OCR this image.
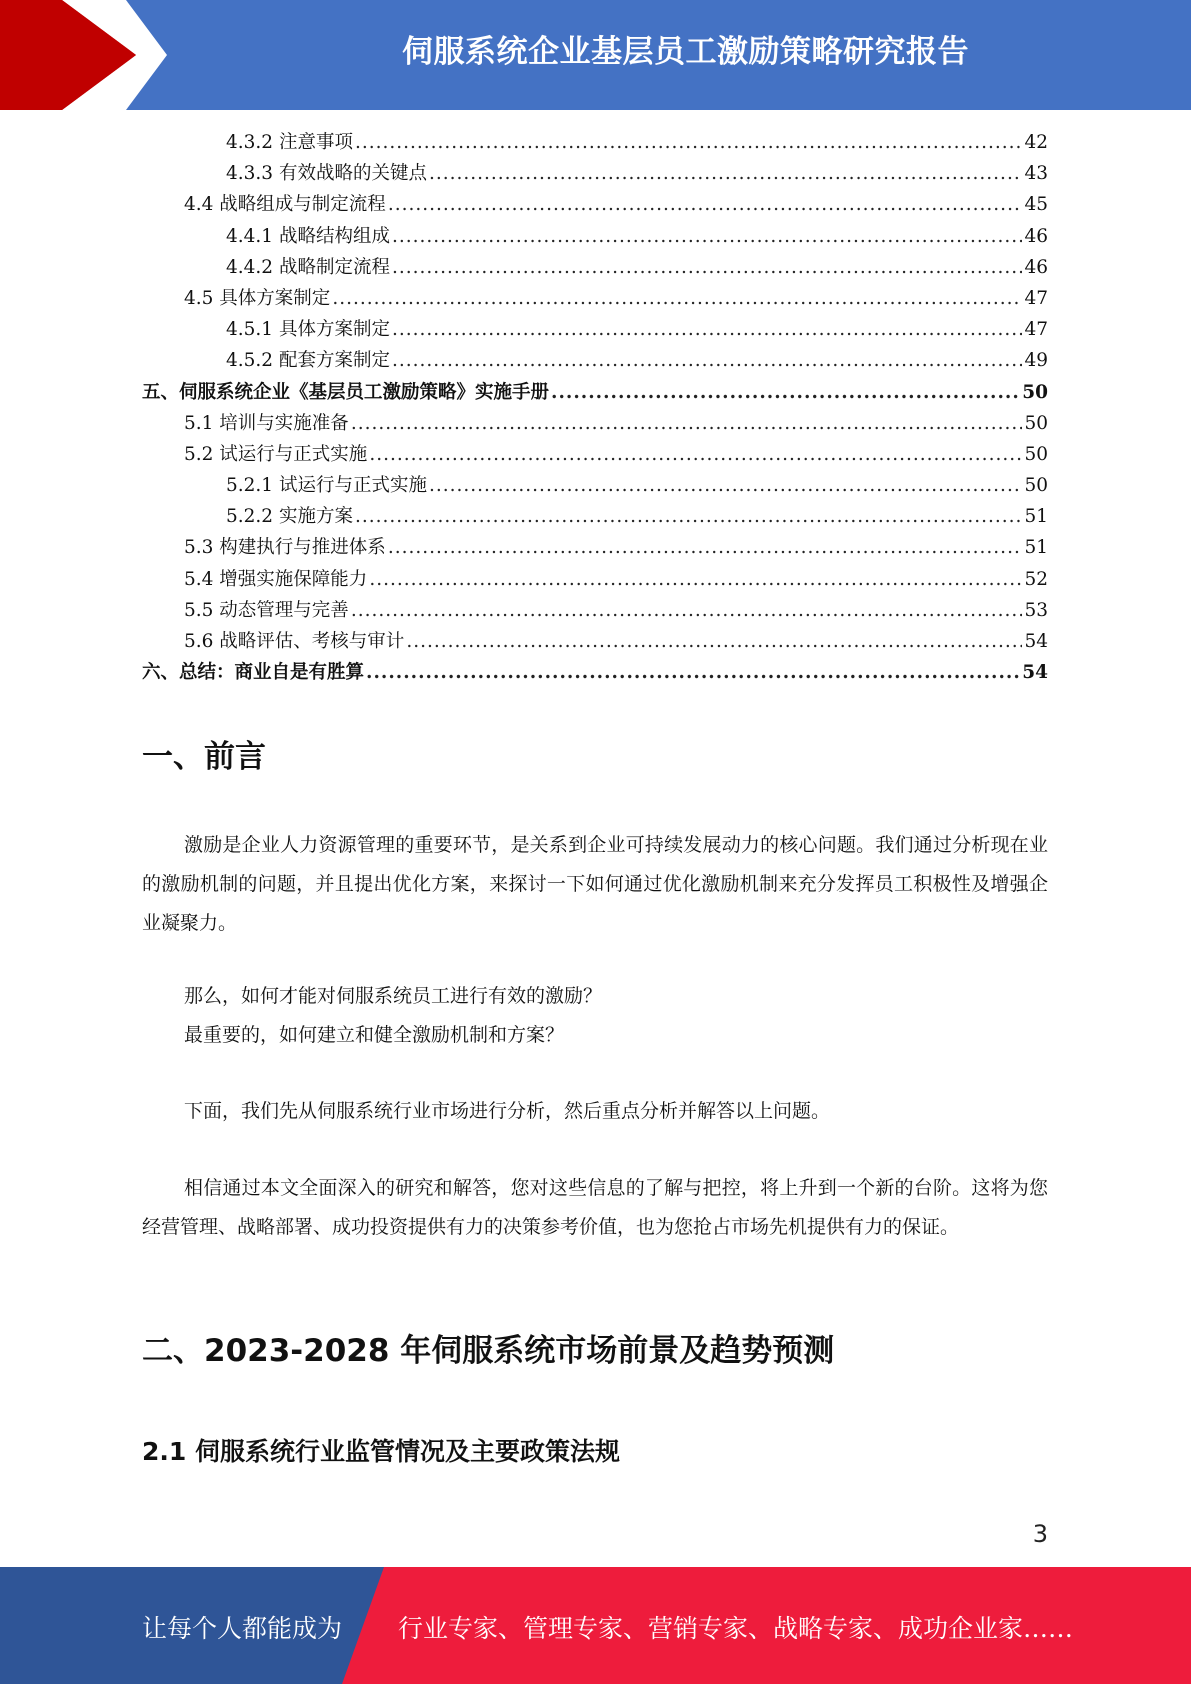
伺服系统企业基层员工激励策略研究报告
4.3.2 注意事项 .....	42
4.3.3 有效战略的关键点 .....	43
4.4 战略组成与制定流程 .....	45
4.4.1 战略结构组成 .....	46
4.4.2 战略制定流程 .....	46
4.5 具体方案制定 .....	47
4.5.1 具体方案制定 .....	47
4.5.2 配套方案制定 .....	49
五、伺服系统企业《基层员工激励策略》实施手册 .....	50
5.1 培训与实施准备 .....	50
5.2 试运行与正式实施 .....	50
5.2.1 试运行与正式实施 .....	50
5.2.2 实施方案 .....	51
5.3 构建执行与推进体系 .....	51
5.4 增强实施保障能力 .....	52
5.5 动态管理与完善 .....	53
5.6 战略评估、考核与审计 .....	54
六、总结：商业自是有胜算 .....	54
一、前言
激励是企业人力资源管理的重要环节，是关系到企业可持续发展动力的核心问题。我们通过分析现在业的激励机制的问题，并且提出优化方案，来探讨一下如何通过优化激励机制来充分发挥员工积极性及增强企业凝聚力。
那么，如何才能对伺服系统员工进行有效的激励？
最重要的，如何建立和健全激励机制和方案？
下面，我们先从伺服系统行业市场进行分析，然后重点分析并解答以上问题。
相信通过本文全面深入的研究和解答，您对这些信息的了解与把控，将上升到一个新的台阶。这将为您经营管理、战略部署、成功投资提供有力的决策参考价值，也为您抢占市场先机提供有力的保证。
二、2023-2028 年伺服系统市场前景及趋势预测
2.1 伺服系统行业监管情况及主要政策法规
3
让每个人都能成为 行业专家、管理专家、营销专家、战略专家、成功企业家……
